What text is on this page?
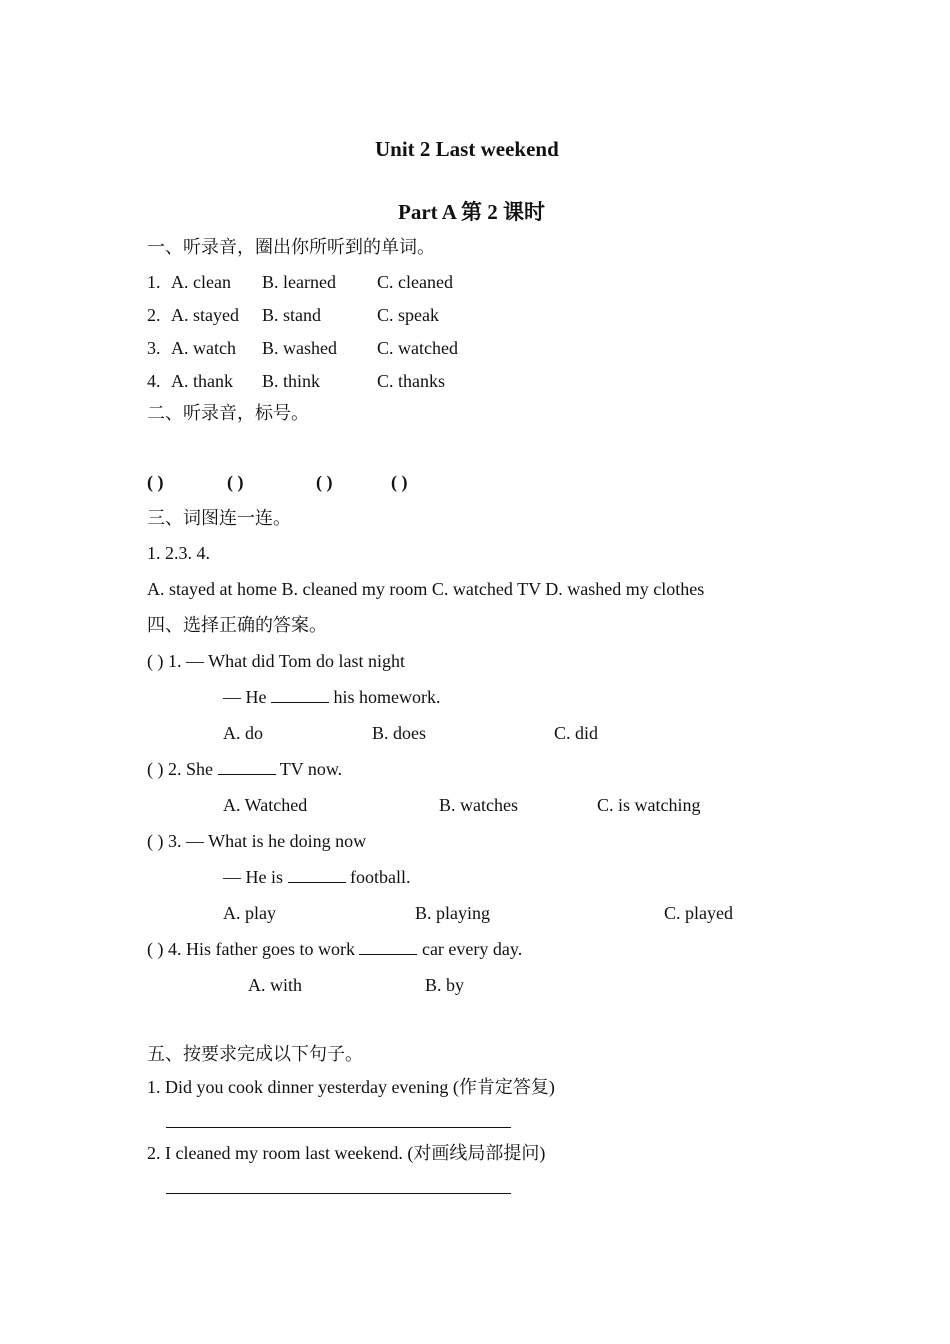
Unit 2 Last weekend
Part A 第 2 课时
一、听录音，圈出你所听到的单词。
1. A. clean B. learned C. cleaned
2. A. stayed B. stand	C. speak
3. A. watch B. washed C. watched
4. A. thank B. think	C. thanks
二、听录音，标号。
( )	( )	( )	( )
三、词图连一连。
1. 2.3. 4.
A. stayed at home B. cleaned my room C. watched TV D. washed my clothes
四、选择正确的答案。
( ) 1. — What did Tom do last night
— He	his homework.
A. do	B. does	C. did
( ) 2. She	TV now.
A. Watched	B. watches	C. is watching
( ) 3. — What is he doing now
— He is	football.
A. play	B. playing	C. played
( ) 4. His father goes to work	car every day.
A. with	B. by
五、按要求完成以下句子。
1. Did you cook dinner yesterday evening (作肯定答复)
2. I cleaned my room last weekend. (对画线局部提问)
